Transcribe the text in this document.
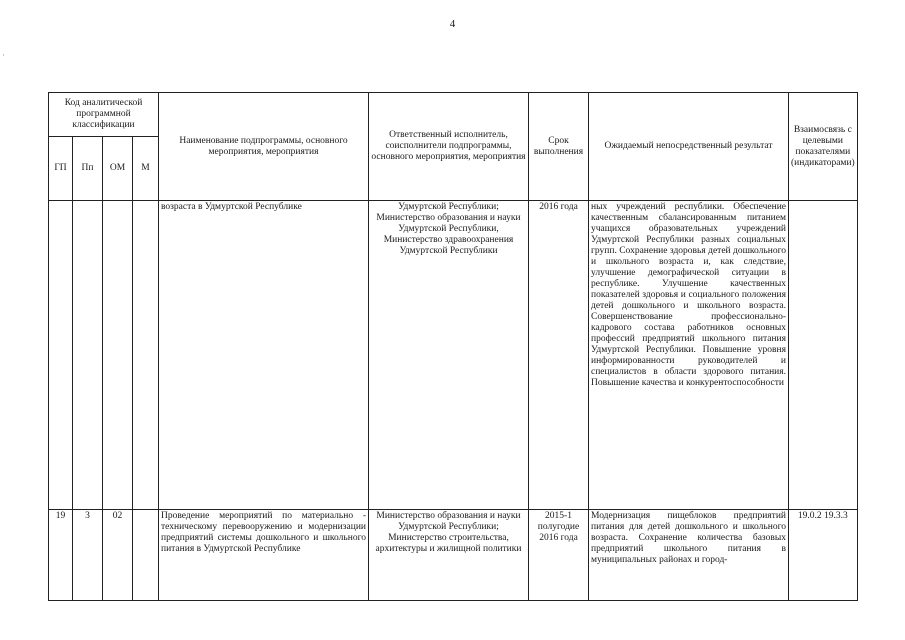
4
·
Код аналитической программной классификации				Наименование подпрограммы, основного мероприятия, мероприятия	Ответственный исполнитель, соисполнители подпрограммы, основного мероприятия, мероприятия	Срок выполнения	Ожидаемый непосредственный результат	Взаимосвязь с целевыми показателями (индикаторами)
ГП	Пп	ОМ	М					
				возраста в Удмуртской Республике	Удмуртской Республики; Министерство образования и науки Удмуртской Республики, Министерство здравоохранения Удмуртской Республики	2016 года	ных учреждений республики. Обеспечение качественным сбалансированным питанием учащихся образовательных учреждений Удмуртской Республики разных социальных групп. Сохранение здоровья детей дошкольного и школьного возраста и, как следствие, улучшение демографической ситуации в республике. Улучшение качественных показателей здоровья и социального положения детей дошкольного и школьного возраста. Совершенствование профессионально-кадрового состава работников основных профессий предприятий школьного питания Удмуртской Республики. Повышение уровня информированности руководителей и специалистов в области здорового питания. Повышение качества и конкурентоспособности	
19	3	02		Проведение мероприятий по материально - техническому перевооружению и модернизации предприятий системы дошкольного и школьного питания в Удмуртской Республике	Министерство образования и науки Удмуртской Республики; Министерство строительства, архитектуры и жилищной политики	2015-1 полугодие 2016 года	Модернизация пищеблоков предприятий питания для детей дошкольного и школьного возраста. Сохранение количества базовых предприятий школьного питания в муниципальных районах и город-	19.0.2 19.3.3
